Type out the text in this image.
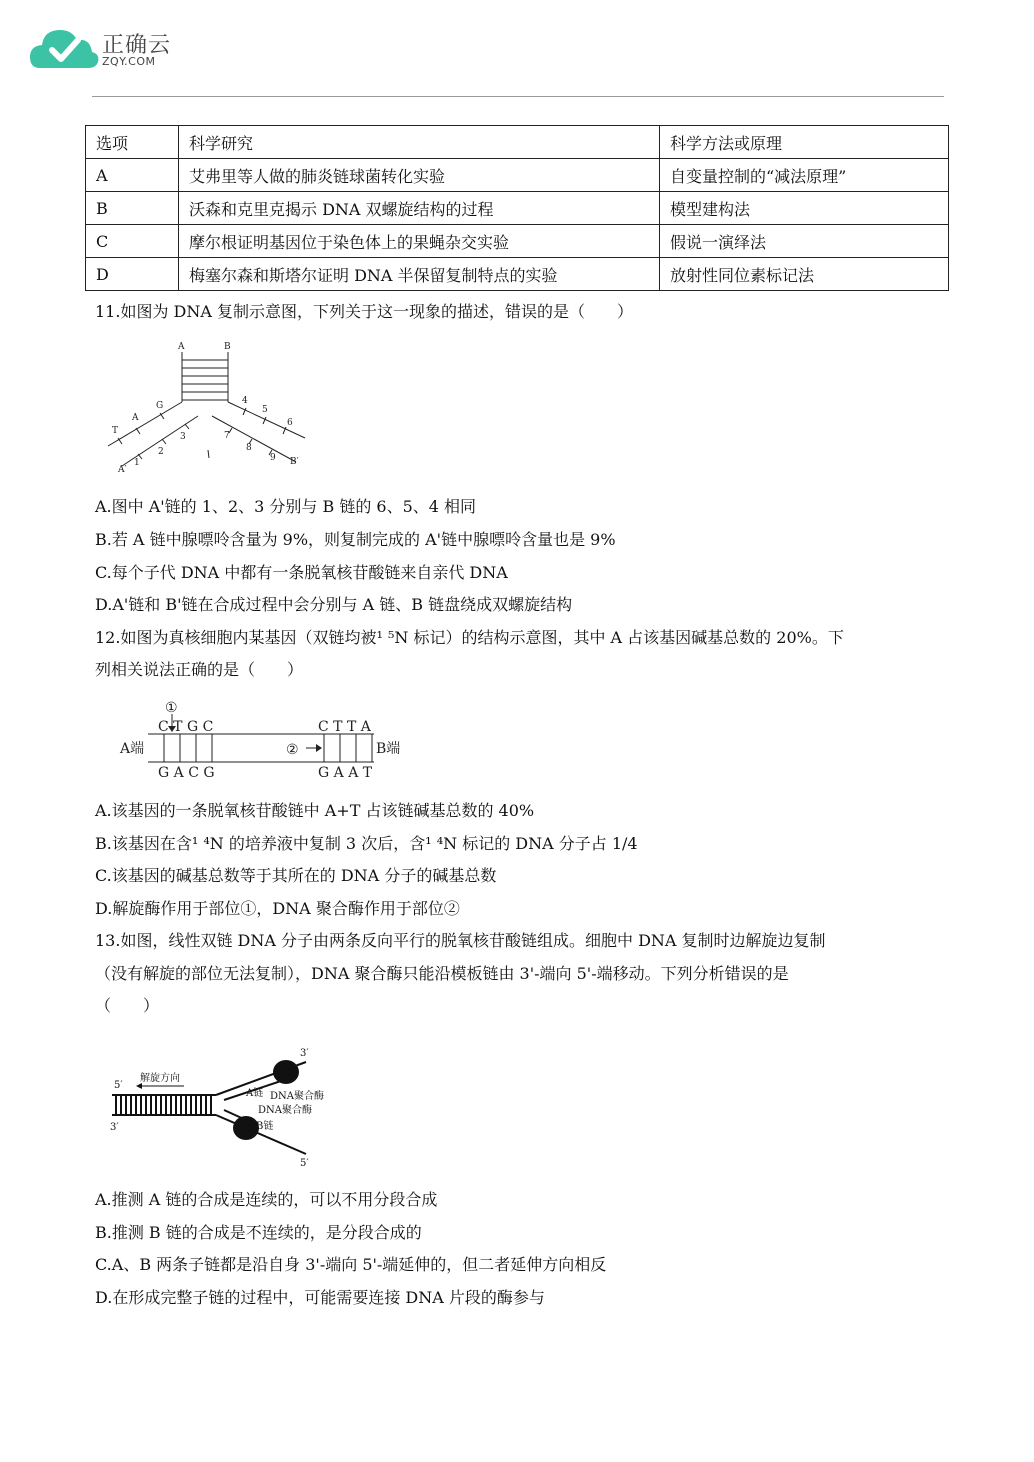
正确云
ZQY.COM
选项	科学研究	科学方法或原理
A	艾弗里等人做的肺炎链球菌转化实验	自变量控制的“减法原理”
B	沃森和克里克揭示 DNA 双螺旋结构的过程	模型建构法
C	摩尔根证明基因位于染色体上的果蝇杂交实验	假说一演绎法
D	梅塞尔森和斯塔尔证明 DNA 半保留复制特点的实验	放射性同位素标记法
11.如图为 DNA 复制示意图，下列关于这一现象的描述，错误的是（　　）
A	B
G
A
T
A′
1
2
3
4
5
6
7
8
9 B′
A.图中 A'链的 1、2、3 分别与 B 链的 6、5、4 相同
B.若 A 链中腺嘌呤含量为 9%，则复制完成的 A'链中腺嘌呤含量也是 9%
C.每个子代 DNA 中都有一条脱氧核苷酸链来自亲代 DNA
D.A'链和 B'链在合成过程中会分别与 A 链、B 链盘绕成双螺旋结构
12.如图为真核细胞内某基因（双链均被¹ ⁵N 标记）的结构示意图，其中 A 占该基因碱基总数的 20%。下
列相关说法正确的是（　　）
①
②
C T G C	C T T A
G A C G	G A A T
A端	B端
A.该基因的一条脱氧核苷酸链中 A+T 占该链碱基总数的 40%
B.该基因在含¹ ⁴N 的培养液中复制 3 次后，含¹ ⁴N 标记的 DNA 分子占 1/4
C.该基因的碱基总数等于其所在的 DNA 分子的碱基总数
D.解旋酶作用于部位①，DNA 聚合酶作用于部位②
13.如图，线性双链 DNA 分子由两条反向平行的脱氧核苷酸链组成。细胞中 DNA 复制时边解旋边复制
（没有解旋的部位无法复制），DNA 聚合酶只能沿模板链由 3'-端向 5'-端移动。下列分析错误的是
（　　）
解旋方向
5′
3′
3′
5′
A链
B链
DNA聚合酶
DNA聚合酶
A.推测 A 链的合成是连续的，可以不用分段合成
B.推测 B 链的合成是不连续的，是分段合成的
C.A、B 两条子链都是沿自身 3'-端向 5'-端延伸的，但二者延伸方向相反
D.在形成完整子链的过程中，可能需要连接 DNA 片段的酶参与
